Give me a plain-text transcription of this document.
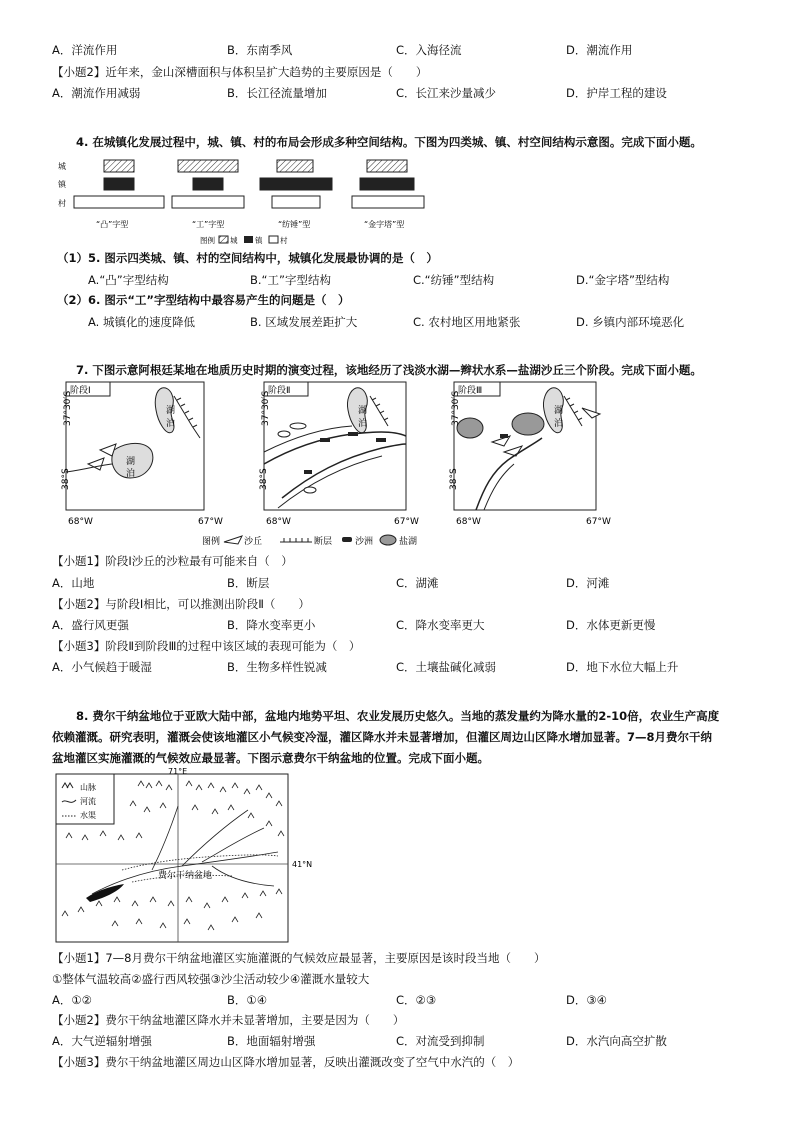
A．洋流作用	B．东南季风	C．入海径流	D．潮流作用
【小题2】近年来，金山深槽面积与体积呈扩大趋势的主要原因是（　　）
A．潮流作用减弱	B．长江径流量增加	C．长江来沙量减少	D．护岸工程的建设
4. 在城镇化发展过程中，城、镇、村的布局会形成多种空间结构。下图为四类城、镇、村空间结构示意图。完成下面小题。
城
镇
村
“凸”字型	“工”字型	“纺锤”型	“金字塔”型
图例 城 镇 村
（1）5. 图示四类城、镇、村的空间结构中，城镇化发展最协调的是（　）
A.“凸”字型结构	B.“工”字型结构	C.“纺锤”型结构	D.“金字塔”型结构
（2）6. 图示“工”字型结构中最容易产生的问题是（　）
A. 城镇化的速度降低	B. 区域发展差距扩大	C. 农村地区用地紧张	D. 乡镇内部环境恶化
7. 下图示意阿根廷某地在地质历史时期的演变过程，该地经历了浅淡水湖—辫状水系—盐湖沙丘三个阶段。完成下面小题。
阶段Ⅰ
湖
泊
湖
泊
阶段Ⅱ
湖
泊
阶段Ⅲ
湖
泊
37°30′S
38°S
37°30′S
38°S
37°30′S
38°S
68°W	67°W	68°W	67°W	68°W	67°W
图例	沙丘	断层	沙洲	盐湖
【小题1】阶段Ⅰ沙丘的沙粒最有可能来自（　）
A．山地	B．断层	C．湖滩	D．河滩
【小题2】与阶段Ⅰ相比，可以推测出阶段Ⅱ（　　）
A．盛行风更强	B．降水变率更小	C．降水变率更大	D．水体更新更慢
【小题3】阶段Ⅱ到阶段Ⅲ的过程中该区域的表现可能为（　）
A．小气候趋于暖湿	B．生物多样性锐减	C．土壤盐碱化减弱	D．地下水位大幅上升
8. 费尔干纳盆地位于亚欧大陆中部，盆地内地势平坦、农业发展历史悠久。当地的蒸发量约为降水量的2-10倍，农业生产高度
依赖灌溉。研究表明，灌溉会使该地灌区小气候变冷湿，灌区降水并未显著增加，但灌区周边山区降水增加显著。7—8月费尔干纳
盆地灌区实施灌溉的气候效应最显著。下图示意费尔干纳盆地的位置。完成下面小题。
71°E
41°N
山脉
河流
水渠
费尔干纳盆地
【小题1】7—8月费尔干纳盆地灌区实施灌溉的气候效应最显著，主要原因是该时段当地（　　）
①整体气温较高②盛行西风较强③沙尘活动较少④灌溉水量较大
A．①②	B．①④	C．②③	D．③④
【小题2】费尔干纳盆地灌区降水并未显著增加，主要是因为（　　）
A．大气逆辐射增强	B．地面辐射增强	C．对流受到抑制	D．水汽向高空扩散
【小题3】费尔干纳盆地灌区周边山区降水增加显著，反映出灌溉改变了空气中水汽的（　）
